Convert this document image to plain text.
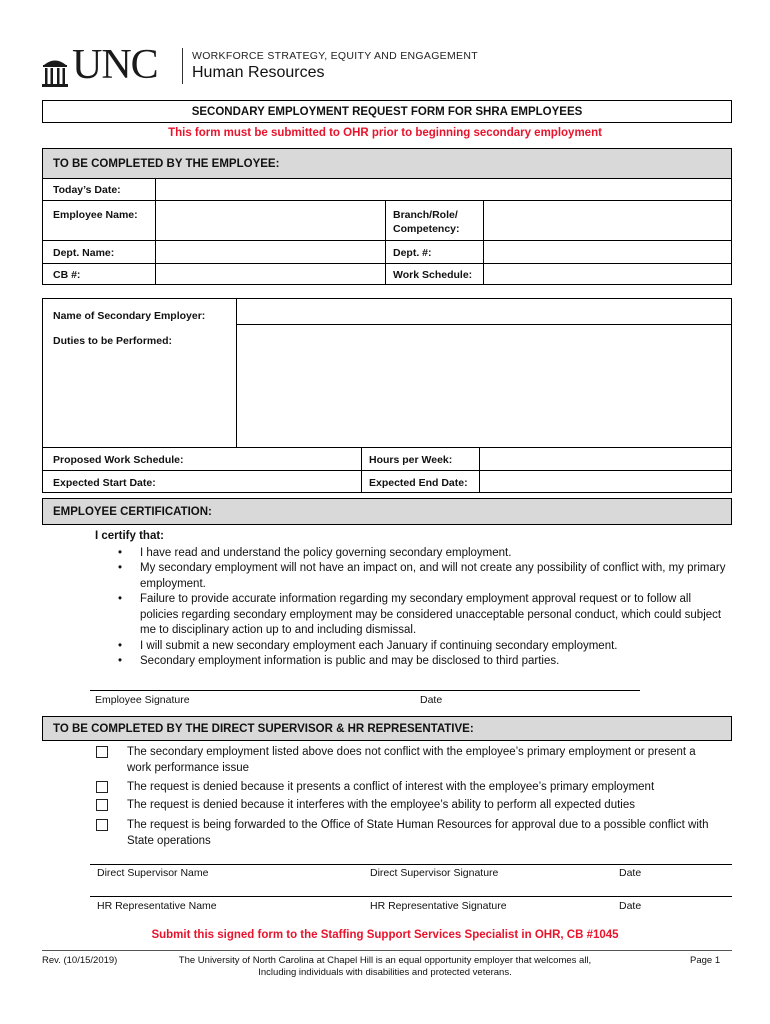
UNC	WORKFORCE STRATEGY, EQUITY AND ENGAGEMENT
Human Resources
SECONDARY EMPLOYMENT REQUEST FORM FOR SHRA EMPLOYEES
This form must be submitted to OHR prior to beginning secondary employment
TO BE COMPLETED BY THE EMPLOYEE:
Today’s Date:
Employee Name:	Branch/Role/
Competency:
Dept. Name:	Dept. #:
CB #:	Work Schedule:
Name of Secondary Employer:
Duties to be Performed:
Proposed Work Schedule:	Hours per Week:
Expected Start Date:	Expected End Date:
EMPLOYEE CERTIFICATION:
I certify that:
• I have read and understand the policy governing secondary employment.
• My secondary employment will not have an impact on, and will not create any possibility of conflict with, my primary employment.
• Failure to provide accurate information regarding my secondary employment approval request or to follow all policies regarding secondary employment may be considered unacceptable personal conduct, which could subject me to disciplinary action up to and including dismissal.
• I will submit a new secondary employment each January if continuing secondary employment.
• Secondary employment information is public and may be disclosed to third parties.
Employee Signature	Date
TO BE COMPLETED BY THE DIRECT SUPERVISOR & HR REPRESENTATIVE:
The secondary employment listed above does not conflict with the employee’s primary employment or present a work performance issue
The request is denied because it presents a conflict of interest with the employee’s primary employment
The request is denied because it interferes with the employee’s ability to perform all expected duties
The request is being forwarded to the Office of State Human Resources for approval due to a possible conflict with State operations
Direct Supervisor Name	Direct Supervisor Signature	Date
HR Representative Name	HR Representative Signature	Date
Submit this signed form to the Staffing Support Services Specialist in OHR, CB #1045
Rev. (10/15/2019)	The University of North Carolina at Chapel Hill is an equal opportunity employer that welcomes all,
Including individuals with disabilities and protected veterans.
Page 1
